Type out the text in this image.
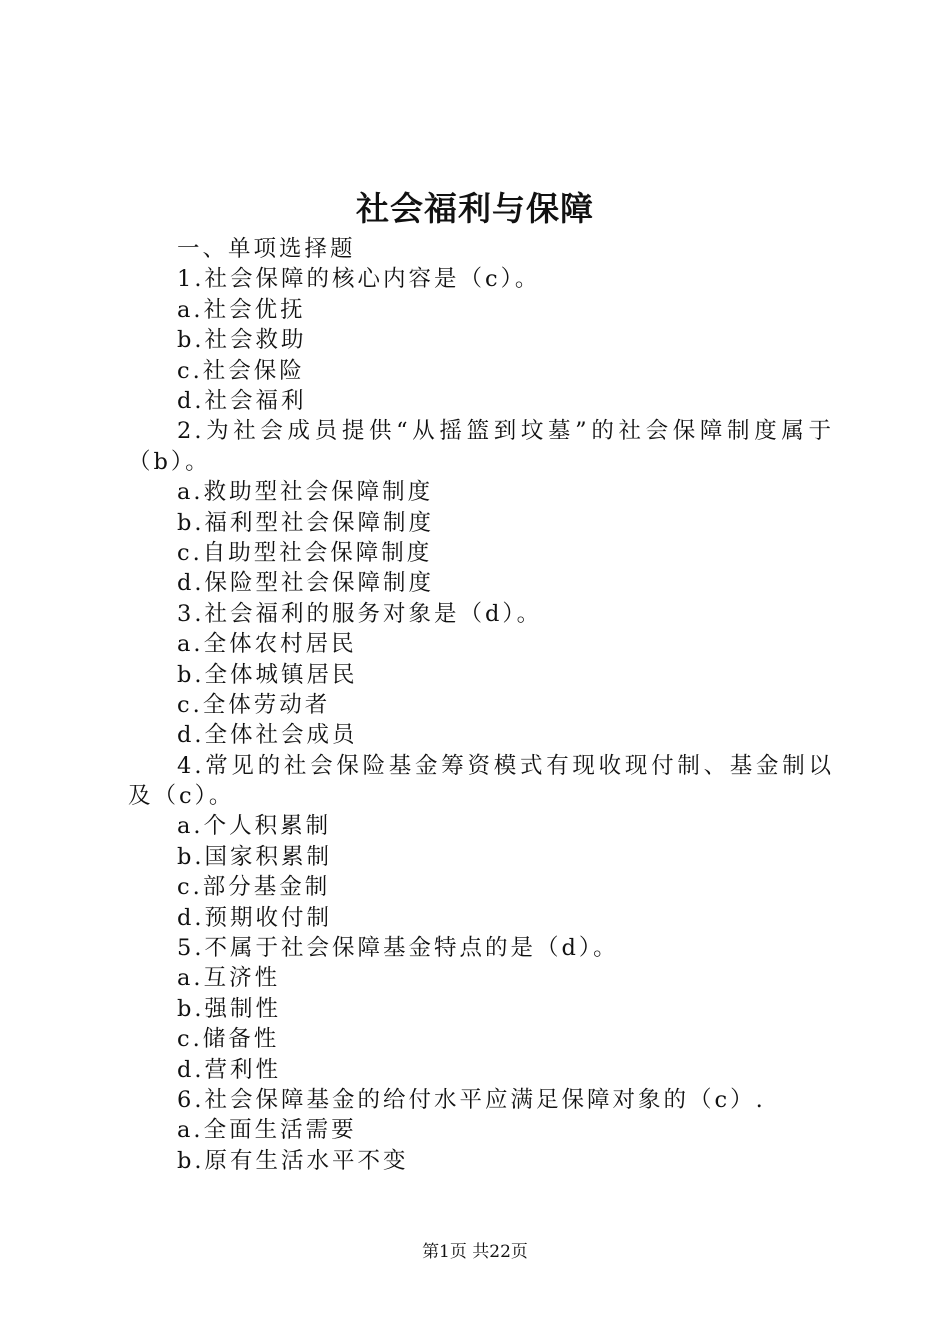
社会福利与保障
一、单项选择题
1.社会保障的核心内容是（c）。
a.社会优抚
b.社会救助
c.社会保险
d.社会福利
2.为社会成员提供“从摇篮到坟墓”的社会保障制度属于（b）。
a.救助型社会保障制度
b.福利型社会保障制度
c.自助型社会保障制度
d.保险型社会保障制度
3.社会福利的服务对象是（d）。
a.全体农村居民
b.全体城镇居民
c.全体劳动者
d.全体社会成员
4.常见的社会保险基金筹资模式有现收现付制、基金制以及（c）。
a.个人积累制
b.国家积累制
c.部分基金制
d.预期收付制
5.不属于社会保障基金特点的是（d）。
a.互济性
b.强制性
c.储备性
d.营利性
6.社会保障基金的给付水平应满足保障对象的（c）.
a.全面生活需要
b.原有生活水平不变
第1页 共22页
